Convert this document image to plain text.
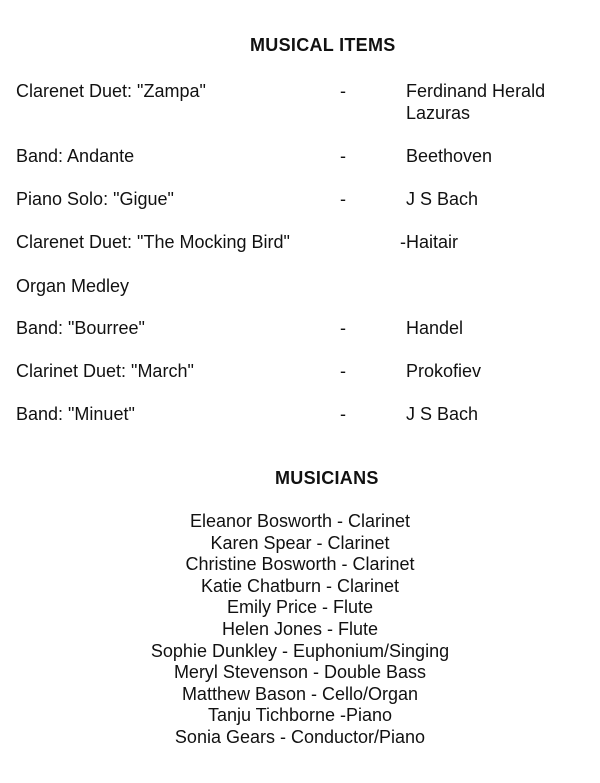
MUSICAL ITEMS
Clarenet Duet: "Zampa"	-	Ferdinand Herald
Lazuras
Band: Andante	-	Beethoven
Piano Solo: "Gigue"	-	J S Bach
Clarenet Duet: "The Mocking Bird"	-Haitair
Organ Medley
Band: "Bourree"	-	Handel
Clarinet Duet: "March"	-	Prokofiev
Band: "Minuet"	-	J S Bach
MUSICIANS
Eleanor Bosworth - Clarinet
Karen Spear - Clarinet
Christine Bosworth - Clarinet
Katie Chatburn - Clarinet
Emily Price - Flute
Helen Jones - Flute
Sophie Dunkley - Euphonium/Singing
Meryl Stevenson - Double Bass
Matthew Bason - Cello/Organ
Tanju Tichborne -Piano
Sonia Gears - Conductor/Piano
